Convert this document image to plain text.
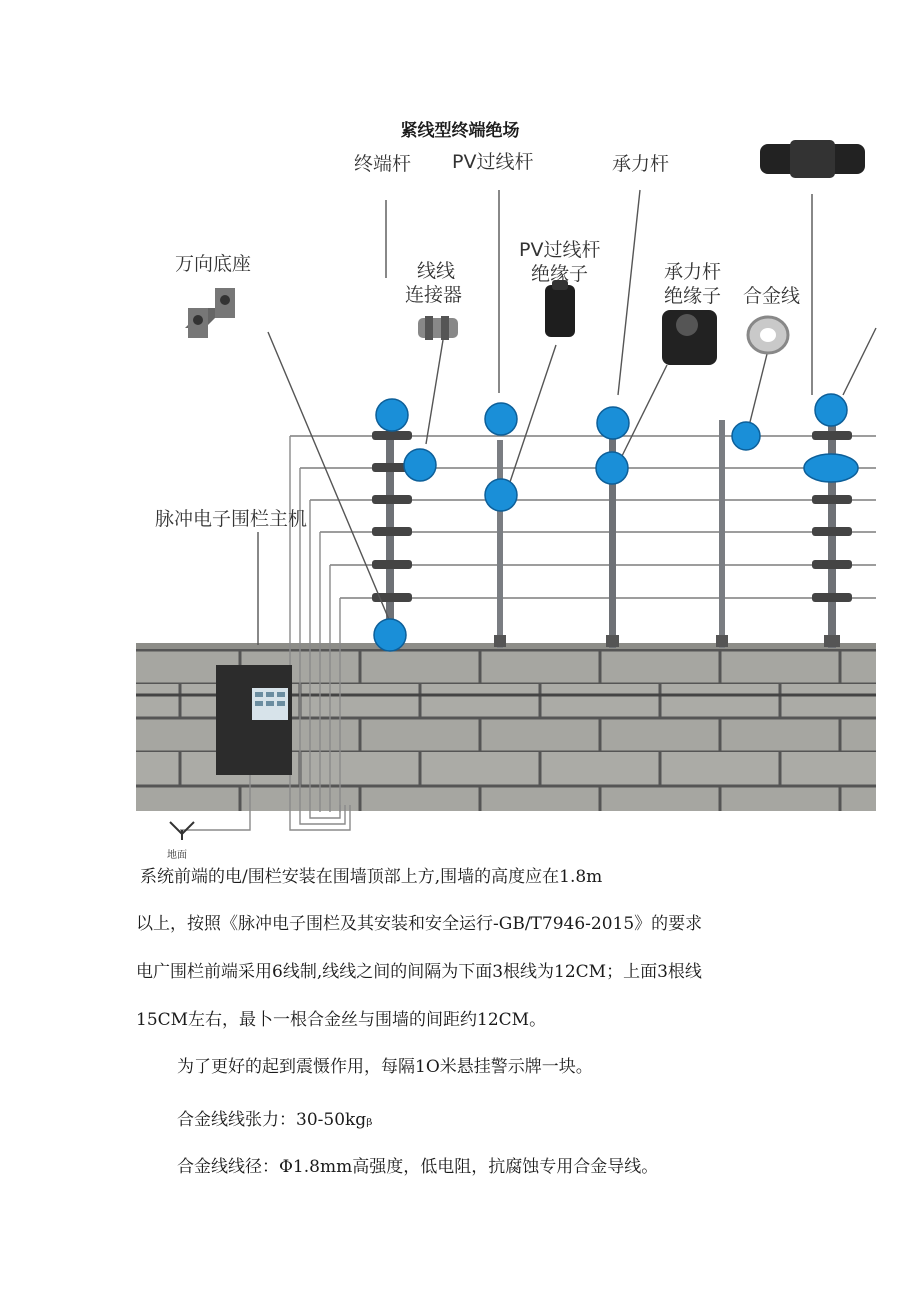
紧线型终端绝场
终端杆 PV过线杆	承力杆
万向底座	线线
连接器
PV过线杆
绝缘子	承力杆
绝缘子 合金线
脉冲电子围栏主机
地面
系统前端的电/围栏安装在围墙顶部上方,围墙的高度应在1.8m
以上，按照《脉冲电子围栏及其安装和安全运行-GB/T7946-2015》的要求
电广围栏前端采用6线制,线线之间的间隔为下面3根线为12CM；上面3根线
15CM左右，最卜一根合金丝与围墙的间距约12CM。
为了更好的起到震慑作用，每隔1O米悬挂警示牌一块。
合金线线张力：30-50kgᵦ
合金线线径：Φ1.8mm高强度，低电阻，抗腐蚀专用合金导线。
